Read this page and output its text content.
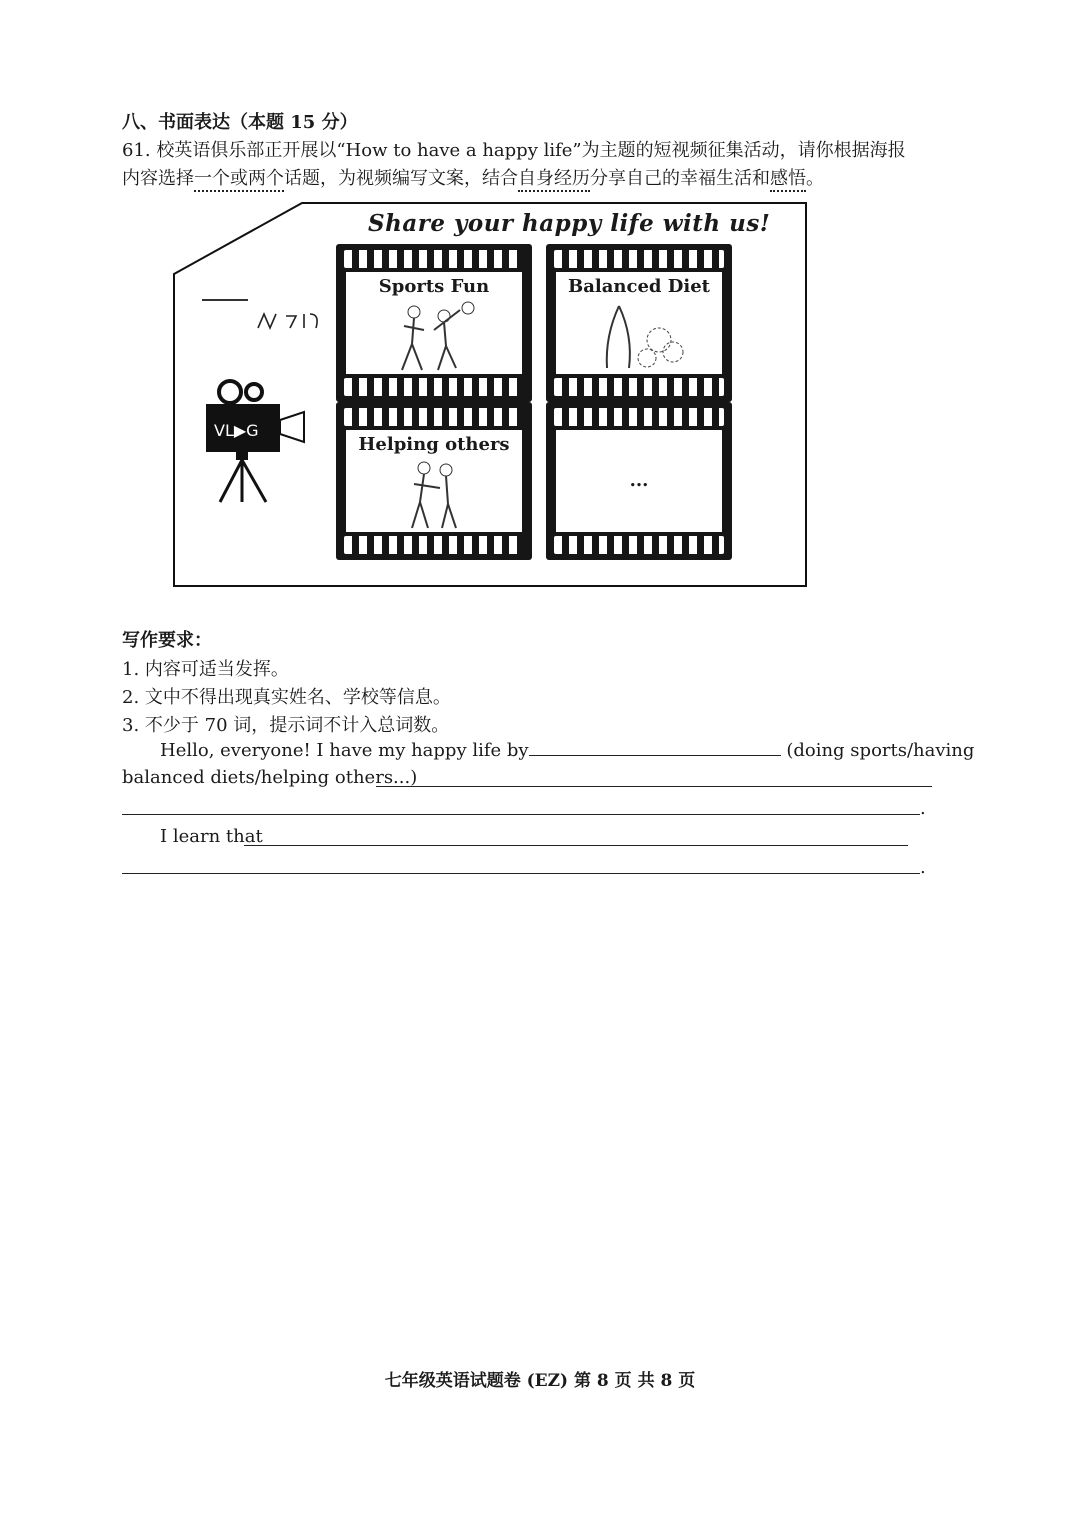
八、书面表达（本题 15 分）
61. 校英语俱乐部正开展以“How to have a happy life”为主题的短视频征集活动，请你根据海报
内容选择一个或两个话题，为视频编写文案，结合自身经历分享自己的幸福生活和感悟。
Share your happy life with us!
VL▶G
Sports Fun	Balanced Diet
Helping others
...
写作要求：
1. 内容可适当发挥。
2. 文中不得出现真实姓名、学校等信息。
3. 不少于 70 词，提示词不计入总词数。
Hello, everyone! I have my happy life by	(doing sports/having
balanced diets/helping others...)
.
I learn that
.
七年级英语试题卷 (EZ) 第 8 页 共 8 页
